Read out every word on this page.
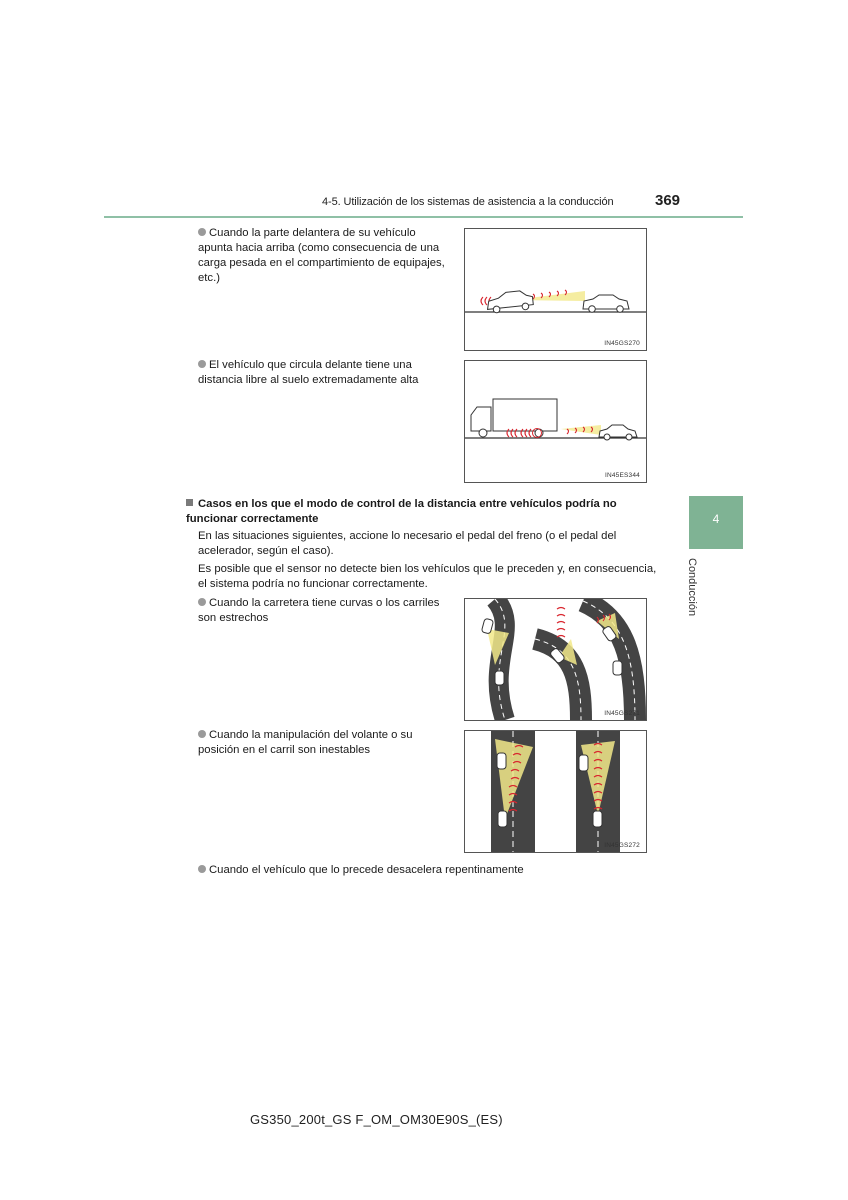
4-5. Utilización de los sistemas de asistencia a la conducción	369
4
Conducción
Cuando la parte delantera de su vehículo apunta hacia arriba (como consecuencia de una carga pesada en el compartimiento de equipajes, etc.)
IN45GS270
El vehículo que circula delante tiene una distancia libre al suelo extremadamente alta
IN45ES344
Casos en los que el modo de control de la distancia entre vehículos podría no funcionar correctamente
En las situaciones siguientes, accione lo necesario el pedal del freno (o el pedal del acelerador, según el caso).
Es posible que el sensor no detecte bien los vehículos que le preceden y, en consecuencia, el sistema podría no funcionar correctamente.
Cuando la carretera tiene curvas o los carriles son estrechos
IN45GS271
Cuando la manipulación del volante o su posición en el carril son inestables
IN45GS272
Cuando el vehículo que lo precede desacelera repentinamente
GS350_200t_GS F_OM_OM30E90S_(ES)
